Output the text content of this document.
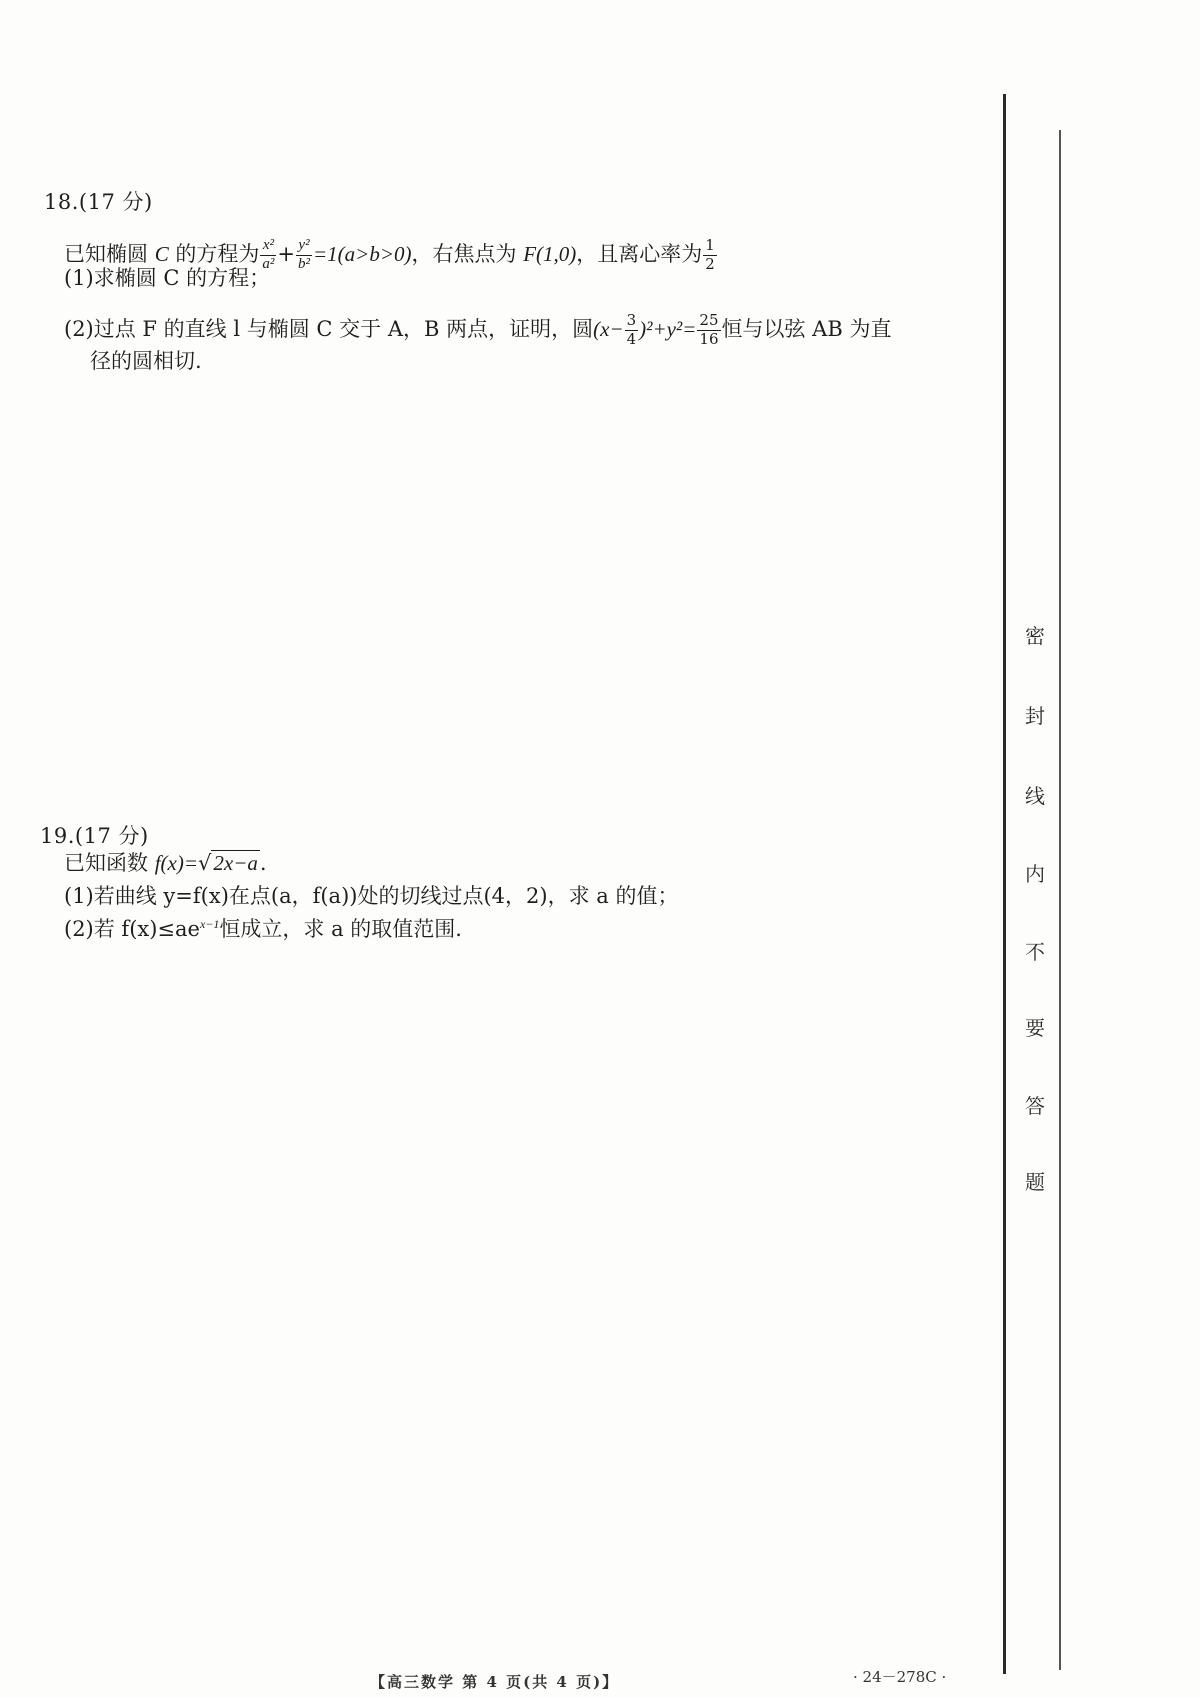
18.(17 分)
已知椭圆 C 的方程为 $\frac{\text{x²}}{\text{a²}} + \frac{\text{y²}}{\text{b²}} =1(a>b>0)$，右焦点为 F(1,0)，且离心率为 $\frac{1}{2}$
(1)求椭圆 C 的方程；
(2)过点 F 的直线 l 与椭圆 C 交于 A，B 两点，证明，圆$(x- \frac{3}{4} )^2+y^2= \frac{25}{16}$ 恒与以弦 AB 为直
径的圆相切.
19.(17 分)
已知函数 f(x)=√2x−a.
(1)若曲线 y=f(x)在点(a，f(a))处的切线过点(4，2)，求 a 的值；
(2)若 $f(x)\le ae^{x-1}$恒成立，求 a 的取值范围.
密
封
线
内
不
要
答
题
【高三数学 第 4 页(共 4 页)】	· 24－278C ·
